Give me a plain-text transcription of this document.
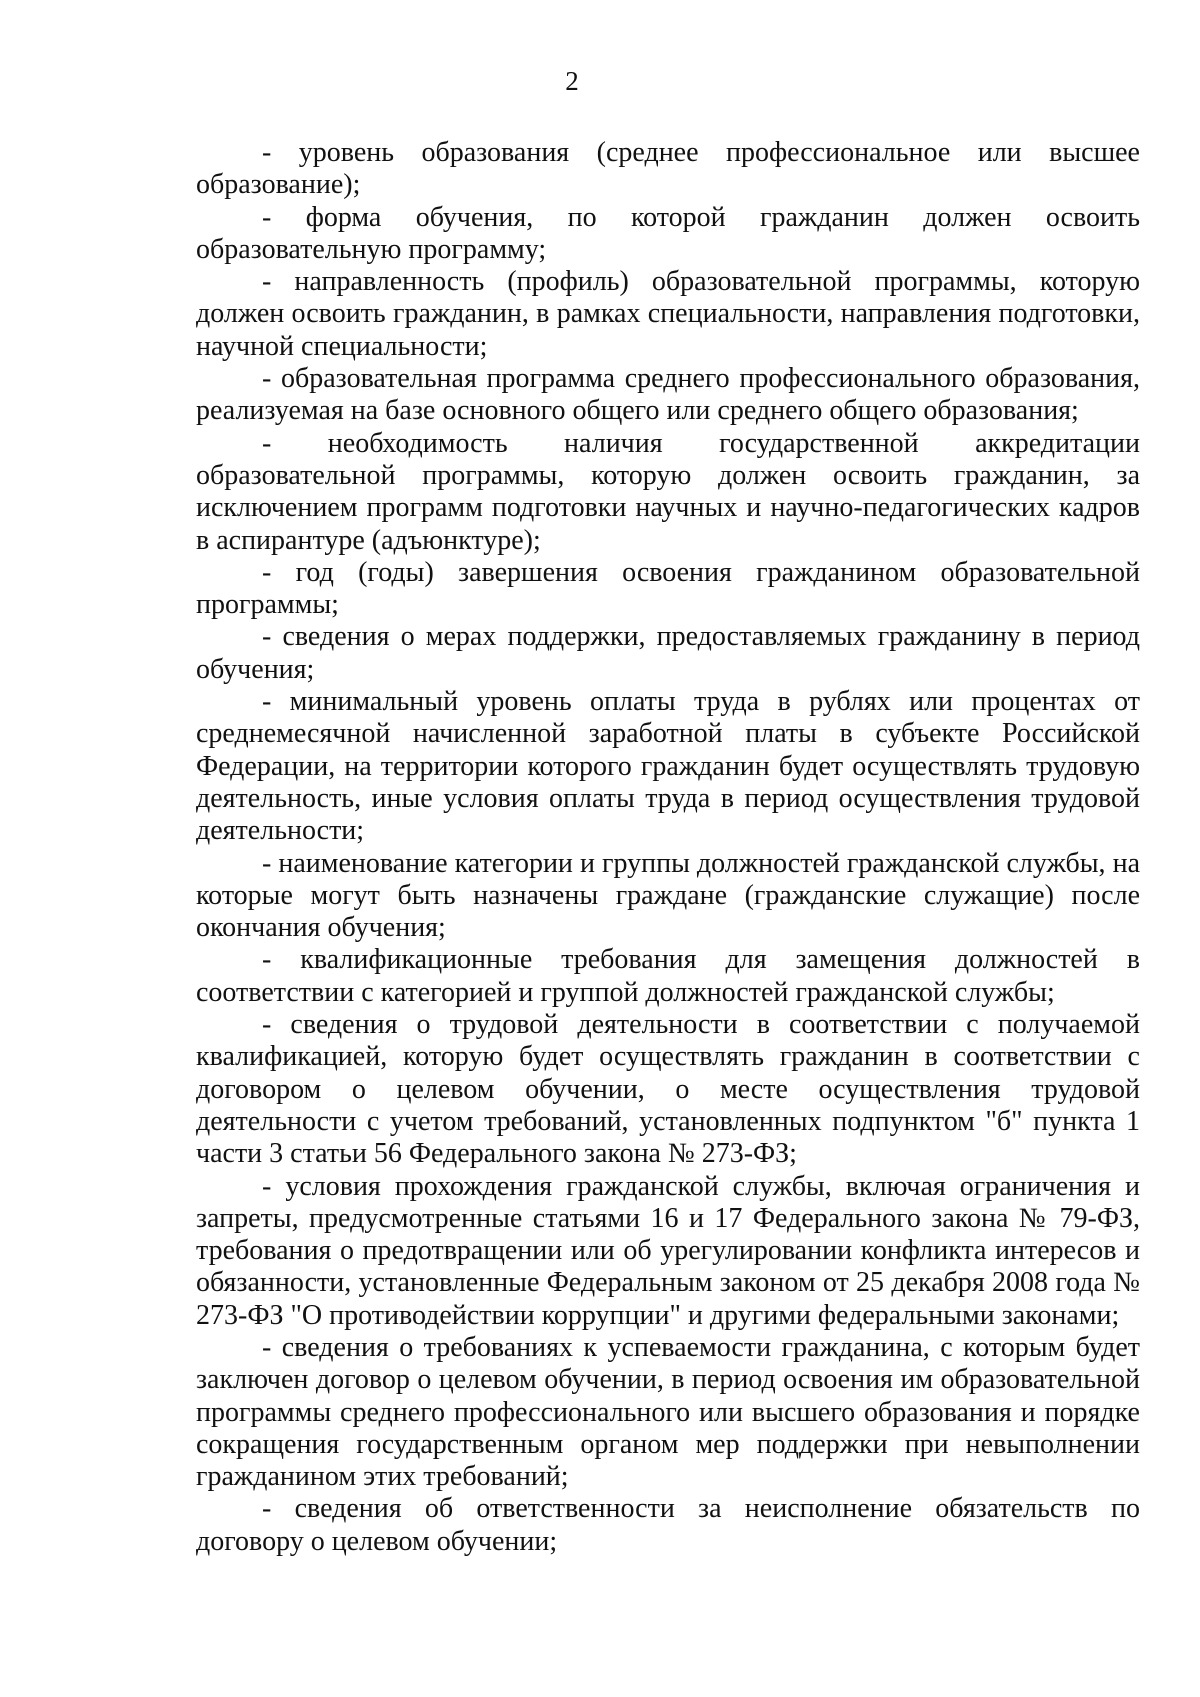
2

- уровень образования (среднее профессиональное или высшее образование);

- форма обучения, по которой гражданин должен освоить образовательную программу;

- направленность (профиль) образовательной программы, которую должен освоить гражданин, в рамках специальности, направления подготовки, научной специальности;

- образовательная программа среднего профессионального образования, реализуемая на базе основного общего или среднего общего образования;

- необходимость наличия государственной аккредитации образовательной программы, которую должен освоить гражданин, за исключением программ подготовки научных и научно-педагогических кадров в аспирантуре (адъюнктуре);

- год (годы) завершения освоения гражданином образовательной программы;

- сведения о мерах поддержки, предоставляемых гражданину в период обучения;

- минимальный уровень оплаты труда в рублях или процентах от среднемесячной начисленной заработной платы в субъекте Российской Федерации, на территории которого гражданин будет осуществлять трудовую деятельность, иные условия оплаты труда в период осуществления трудовой деятельности;

- наименование категории и группы должностей гражданской службы, на которые могут быть назначены граждане (гражданские служащие) после окончания обучения;

- квалификационные требования для замещения должностей в соответствии с категорией и группой должностей гражданской службы;

- сведения о трудовой деятельности в соответствии с получаемой квалификацией, которую будет осуществлять гражданин в соответствии с договором о целевом обучении, о месте осуществления трудовой деятельности с учетом требований, установленных подпунктом "б" пункта 1 части 3 статьи 56 Федерального закона № 273-ФЗ;

- условия прохождения гражданской службы, включая ограничения и запреты, предусмотренные статьями 16 и 17 Федерального закона № 79-ФЗ, требования о предотвращении или об урегулировании конфликта интересов и обязанности, установленные Федеральным законом от 25 декабря 2008 года № 273-ФЗ "О противодействии коррупции" и другими федеральными законами;

- сведения о требованиях к успеваемости гражданина, с которым будет заключен договор о целевом обучении, в период освоения им образовательной программы среднего профессионального или высшего образования и порядке сокращения государственным органом мер поддержки при невыполнении гражданином этих требований;

- сведения об ответственности за неисполнение обязательств по договору о целевом обучении;
